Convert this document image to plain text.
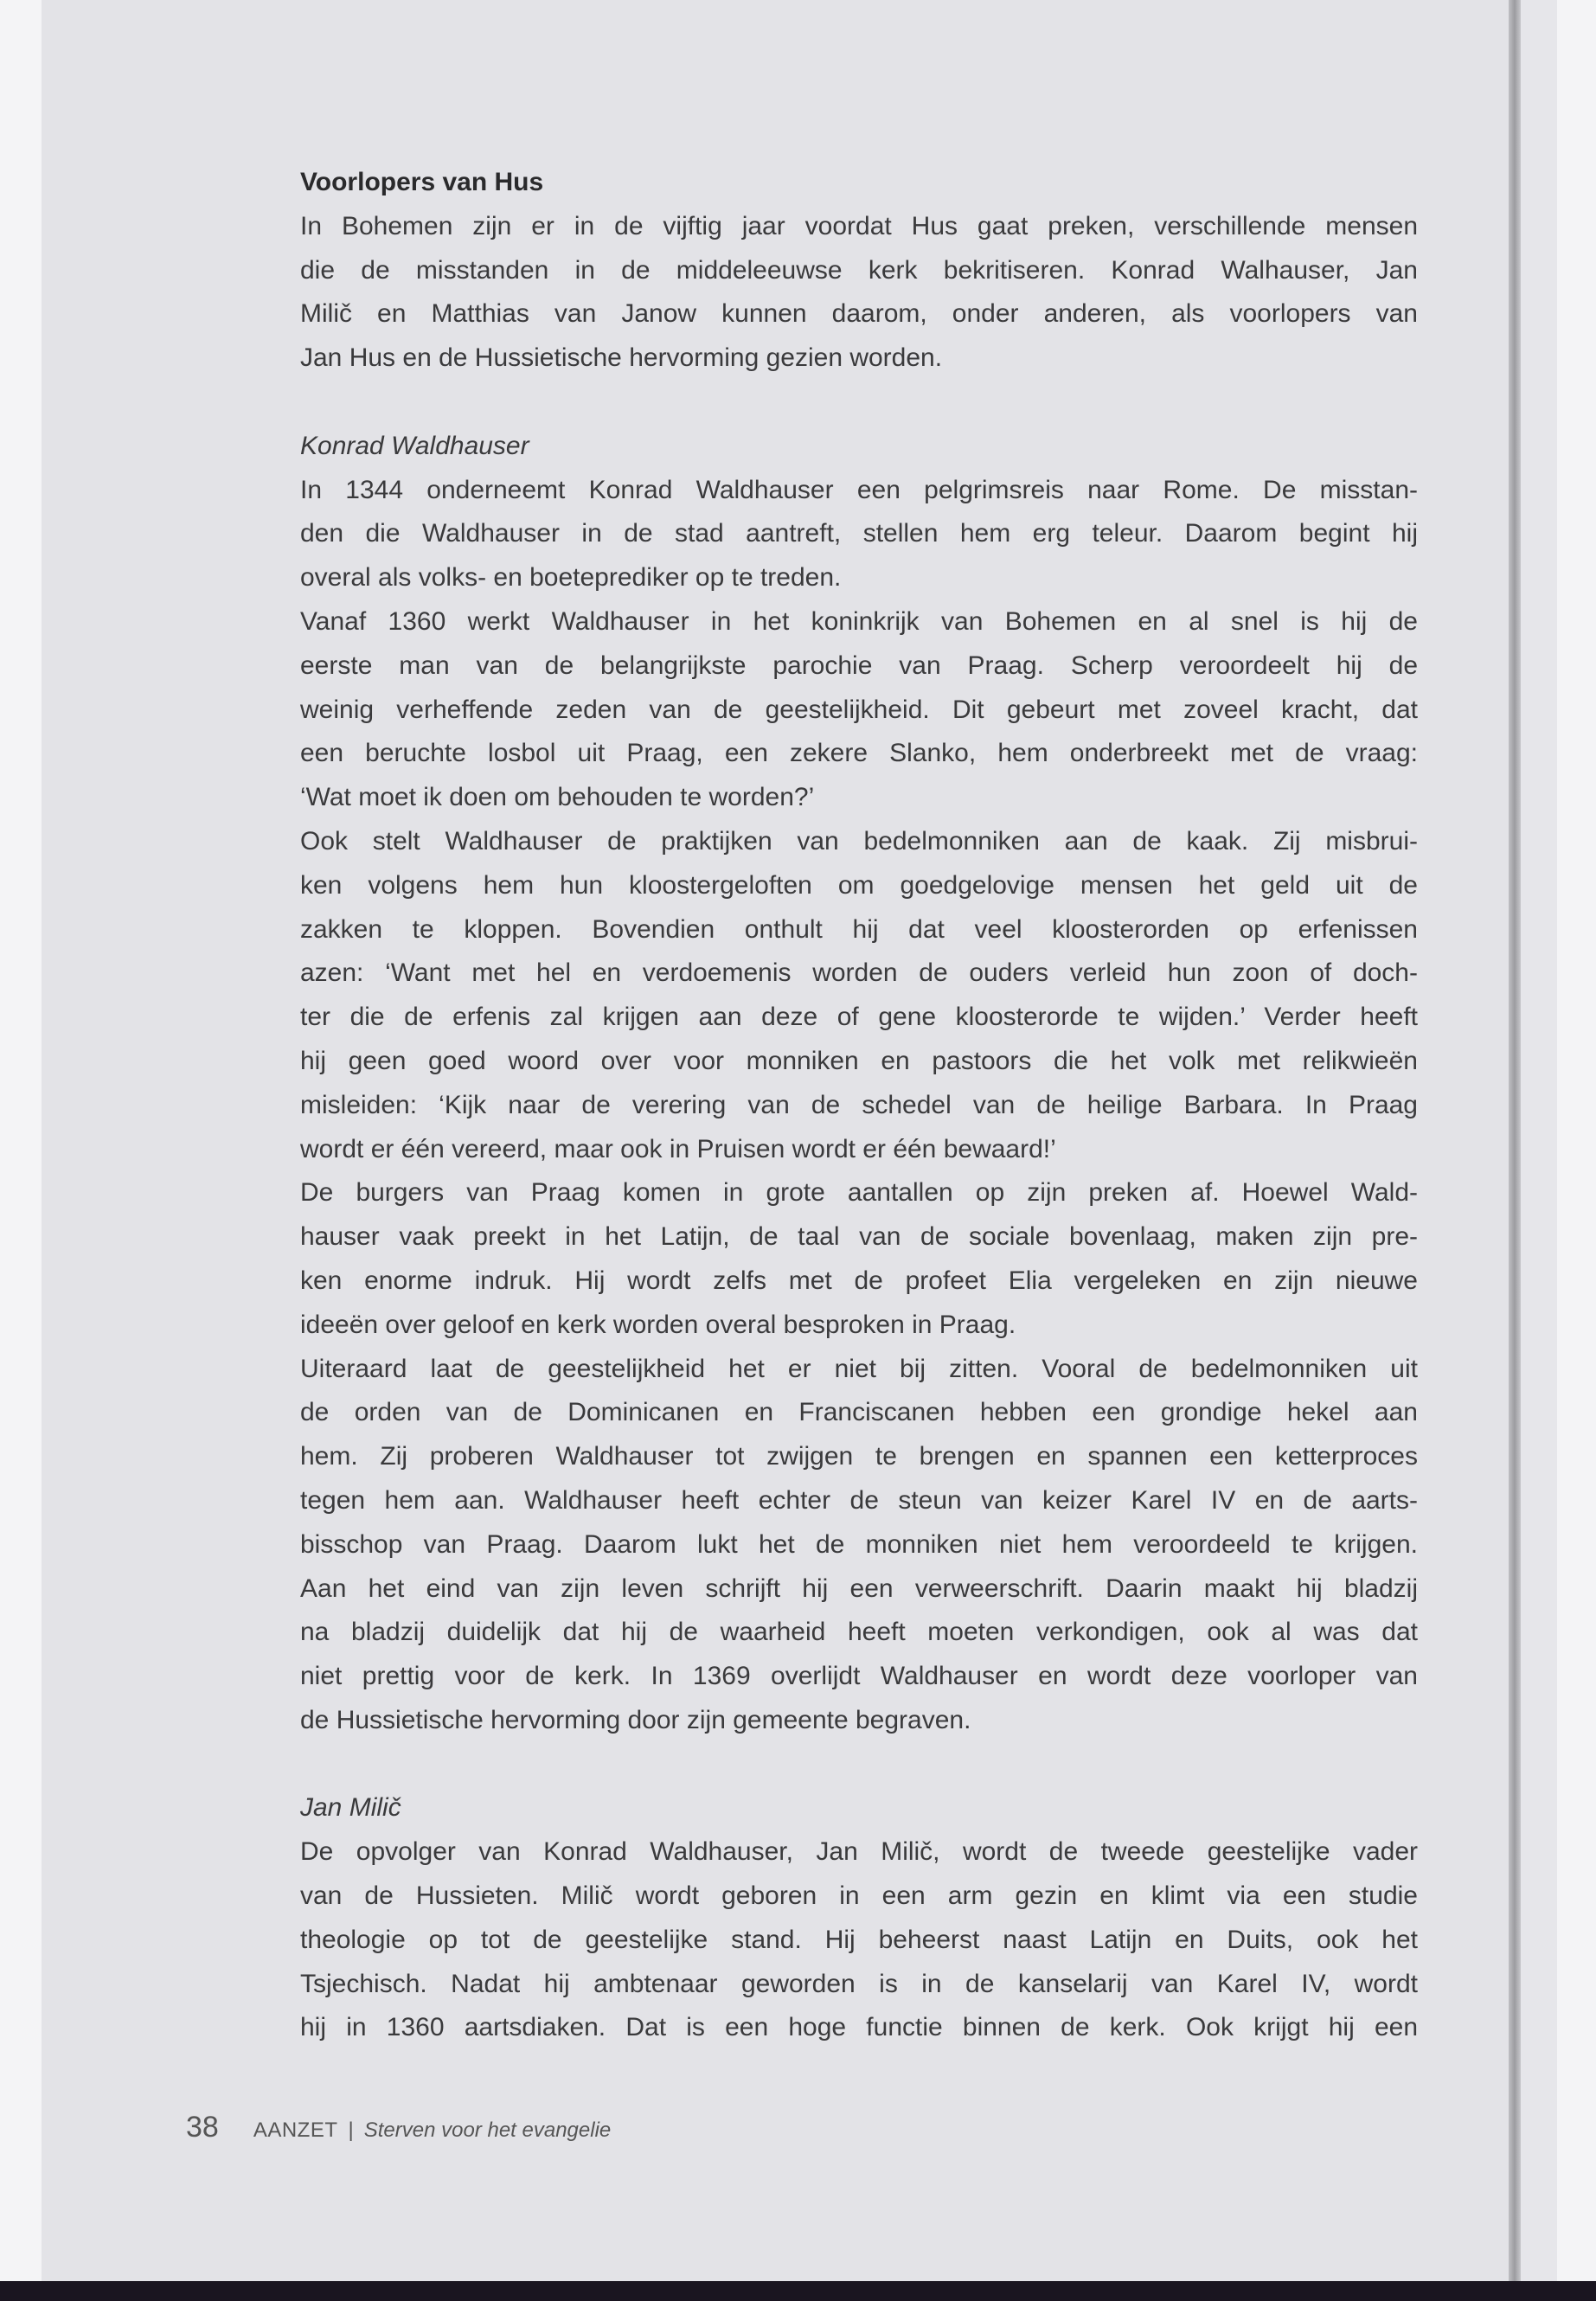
Voorlopers van Hus
In Bohemen zijn er in de vijftig jaar voordat Hus gaat preken, verschillende mensen
die de misstanden in de middeleeuwse kerk bekritiseren. Konrad Walhauser, Jan
Milič en Matthias van Janow kunnen daarom, onder anderen, als voorlopers van
Jan Hus en de Hussietische hervorming gezien worden.
Konrad Waldhauser
In 1344 onderneemt Konrad Waldhauser een pelgrimsreis naar Rome. De misstan-
den die Waldhauser in de stad aantreft, stellen hem erg teleur. Daarom begint hij
overal als volks- en boeteprediker op te treden.
Vanaf 1360 werkt Waldhauser in het koninkrijk van Bohemen en al snel is hij de
eerste man van de belangrijkste parochie van Praag. Scherp veroordeelt hij de
weinig verheffende zeden van de geestelijkheid. Dit gebeurt met zoveel kracht, dat
een beruchte losbol uit Praag, een zekere Slanko, hem onderbreekt met de vraag:
‘Wat moet ik doen om behouden te worden?’
Ook stelt Waldhauser de praktijken van bedelmonniken aan de kaak. Zij misbrui-
ken volgens hem hun kloostergeloften om goedgelovige mensen het geld uit de
zakken te kloppen. Bovendien onthult hij dat veel kloosterorden op erfenissen
azen: ‘Want met hel en verdoemenis worden de ouders verleid hun zoon of doch-
ter die de erfenis zal krijgen aan deze of gene kloosterorde te wijden.’ Verder heeft
hij geen goed woord over voor monniken en pastoors die het volk met relikwieën
misleiden: ‘Kijk naar de verering van de schedel van de heilige Barbara. In Praag
wordt er één vereerd, maar ook in Pruisen wordt er één bewaard!’
De burgers van Praag komen in grote aantallen op zijn preken af. Hoewel Wald-
hauser vaak preekt in het Latijn, de taal van de sociale bovenlaag, maken zijn pre-
ken enorme indruk. Hij wordt zelfs met de profeet Elia vergeleken en zijn nieuwe
ideeën over geloof en kerk worden overal besproken in Praag.
Uiteraard laat de geestelijkheid het er niet bij zitten. Vooral de bedelmonniken uit
de orden van de Dominicanen en Franciscanen hebben een grondige hekel aan
hem. Zij proberen Waldhauser tot zwijgen te brengen en spannen een ketterproces
tegen hem aan. Waldhauser heeft echter de steun van keizer Karel IV en de aarts-
bisschop van Praag. Daarom lukt het de monniken niet hem veroordeeld te krijgen.
Aan het eind van zijn leven schrijft hij een verweerschrift. Daarin maakt hij bladzij
na bladzij duidelijk dat hij de waarheid heeft moeten verkondigen, ook al was dat
niet prettig voor de kerk. In 1369 overlijdt Waldhauser en wordt deze voorloper van
de Hussietische hervorming door zijn gemeente begraven.
Jan Milič
De opvolger van Konrad Waldhauser, Jan Milič, wordt de tweede geestelijke vader
van de Hussieten. Milič wordt geboren in een arm gezin en klimt via een studie
theologie op tot de geestelijke stand. Hij beheerst naast Latijn en Duits, ook het
Tsjechisch. Nadat hij ambtenaar geworden is in de kanselarij van Karel IV, wordt
hij in 1360 aartsdiaken. Dat is een hoge functie binnen de kerk. Ook krijgt hij een
38 AANZET | Sterven voor het evangelie
